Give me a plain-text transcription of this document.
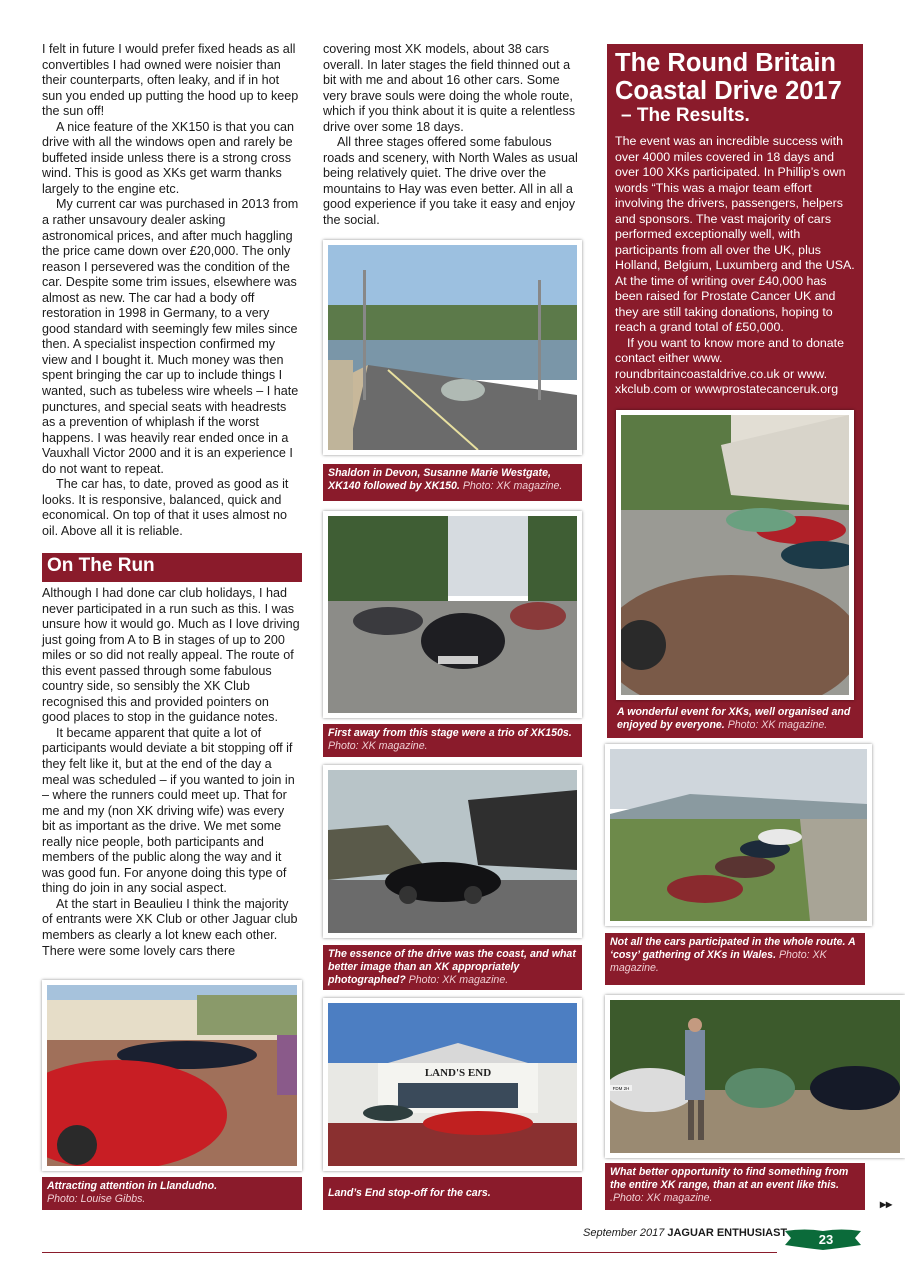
I felt in future I would prefer fixed heads as all convertibles I had owned were noisier than their counterparts, often leaky, and if in hot sun you ended up putting the hood up to keep the sun off!

A nice feature of the XK150 is that you can drive with all the windows open and rarely be buffeted inside unless there is a strong cross wind. This is good as XKs get warm thanks largely to the engine etc.

My current car was purchased in 2013 from a rather unsavoury dealer asking astronomical prices, and after much haggling the price came down over £20,000. The only reason I persevered was the condition of the car. Despite some trim issues, elsewhere was almost as new. The car had a body off restoration in 1998 in Germany, to a very good standard with seemingly few miles since then. A specialist inspection confirmed my view and I bought it. Much money was then spent bringing the car up to include things I wanted, such as tubeless wire wheels – I hate punctures, and special seats with headrests as a prevention of whiplash if the worst happens. I was heavily rear ended once in a Vauxhall Victor 2000 and it is an experience I do not want to repeat.

The car has, to date, proved as good as it looks. It is responsive, balanced, quick and economical. On top of that it uses almost no oil. Above all it is reliable.

On The Run

Although I had done car club holidays, I had never participated in a run such as this. I was unsure how it would go. Much as I love driving just going from A to B in stages of up to 200 miles or so did not really appeal. The route of this event passed through some fabulous country side, so sensibly the XK Club recognised this and provided pointers on good places to stop in the guidance notes.

It became apparent that quite a lot of participants would deviate a bit stopping off if they felt like it, but at the end of the day a meal was scheduled – if you wanted to join in – where the runners could meet up. That for me and my (non XK driving wife) was every bit as important as the drive. We met some really nice people, both participants and members of the public along the way and it was good fun. For anyone doing this type of thing do join in any social aspect.

At the start in Beaulieu I think the majority of entrants were XK Club or other Jaguar club members as clearly a lot knew each other. There were some lovely cars there

covering most XK models, about 38 cars overall. In later stages the field thinned out a bit with me and about 16 other cars. Some very brave souls were doing the whole route, which if you think about it is quite a relentless drive over some 18 days.

All three stages offered some fabulous roads and scenery, with North Wales as usual being relatively quiet. The drive over the mountains to Hay was even better. All in all a good experience if you take it easy and enjoy the social.

The Round Britain Coastal Drive 2017
– The Results.

The event was an incredible success with over 4000 miles covered in 18 days and over 100 XKs participated. In Phillip’s own words “This was a major team effort involving the drivers, passengers, helpers and sponsors. The vast majority of cars performed exceptionally well, with participants from all over the UK, plus Holland, Belgium, Luxumberg and the USA. At the time of writing over £40,000 has been raised for Prostate Cancer UK and they are still taking donations, hoping to reach a grand total of £50,000.

If you want to know more and to donate contact either www. roundbritaincoastaldrive.co.uk or www. xkclub.com or wwwprostatecanceruk.org

Shaldon in Devon, Susanne Marie Westgate, XK140 followed by XK150. Photo: XK magazine.
First away from this stage were a trio of XK150s. Photo: XK magazine.
The essence of the drive was the coast, and what better image than an XK appropriately photographed? Photo: XK magazine.
LAND'S END
Land’s End stop-off for the cars.
A wonderful event for XKs, well organised and enjoyed by everyone. Photo: XK magazine.
Not all the cars participated in the whole route. A ‘cosy’ gathering of XKs in Wales. Photo: XK magazine.
FDM 2H
What better opportunity to find something from the entire XK range, than at an event like this. .Photo: XK magazine.
Attracting attention in Llandudno.
Photo: Louise Gibbs.	▸▸
September 2017 JAGUAR ENTHUSIAST 23
